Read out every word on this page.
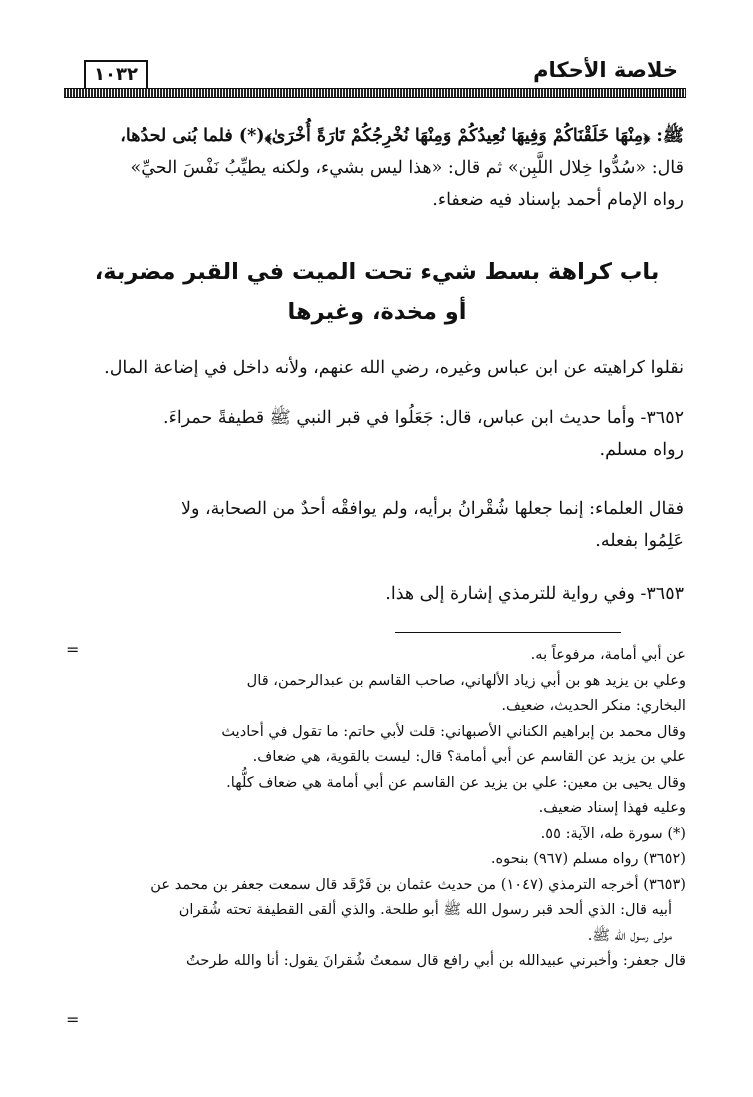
خلاصة الأحكام
١٠٣٢

ﷺ: ﴿مِنْهَا خَلَقْنَاكُمْ وَفِيهَا نُعِيدُكُمْ وَمِنْهَا نُخْرِجُكُمْ تَارَةً أُخْرَىٰ﴾(*) فلما بُنى لحدُها،

قال: «سُدُّوا خِلال اللَّبِن» ثم قال: «هذا ليس بشيء، ولكنه يطيِّبُ نَفْسَ الحيِّ»

رواه الإمام أحمد بإسناد فيه ضعفاء.

باب كراهة بسط شيء تحت الميت في القبر مضربة،
أو مخدة، وغيرها

نقلوا كراهيته عن ابن عباس وغيره، رضي الله عنهم، ولأنه داخل في إضاعة المال.

٣٦٥٢- وأما حديث ابن عباس، قال: جَعَلُوا في قبر النبي ﷺ قطيفةً حمراءَ.

رواه مسلم.

فقال العلماء: إنما جعلها شُقْرانُ برأيه، ولم يوافقْه أحدٌ من الصحابة، ولا

عَلِمُوا بفعله.

٣٦٥٣- وفي رواية للترمذي إشارة إلى هذا.

=	عن أبي أمامة، مرفوعاً به.

وعلي بن يزيد هو بن أبي زياد الألهاني، صاحب القاسم بن عبدالرحمن، قال

البخاري: منكر الحديث، ضعيف.

وقال محمد بن إبراهيم الكناني الأصبهاني: قلت لأبي حاتم: ما تقول في أحاديث

علي بن يزيد عن القاسم عن أبي أمامة؟ قال: ليست بالقوية، هي ضعاف.

وقال يحيى بن معين: علي بن يزيد عن القاسم عن أبي أمامة هي ضعاف كلُّها.

وعليه فهذا إسناد ضعيف.

(*) سورة طه، الآية: ٥٥.

(٣٦٥٢) رواه مسلم (٩٦٧) بنحوه.

(٣٦٥٣) أخرجه الترمذي (١٠٤٧) من حديث عثمان بن فَرْقَد قال سمعت جعفر بن محمد عن

أبيه قال: الذي ألحد قبر رسول الله ﷺ أبو طلحة. والذي ألقى القطيفة تحته شُقران

مولى رسول الله ﷺ.

قال جعفر: وأخبرني عبيدالله بن أبي رافع قال سمعتُ شُقرانَ يقول: أنا والله طرحتُ

=
